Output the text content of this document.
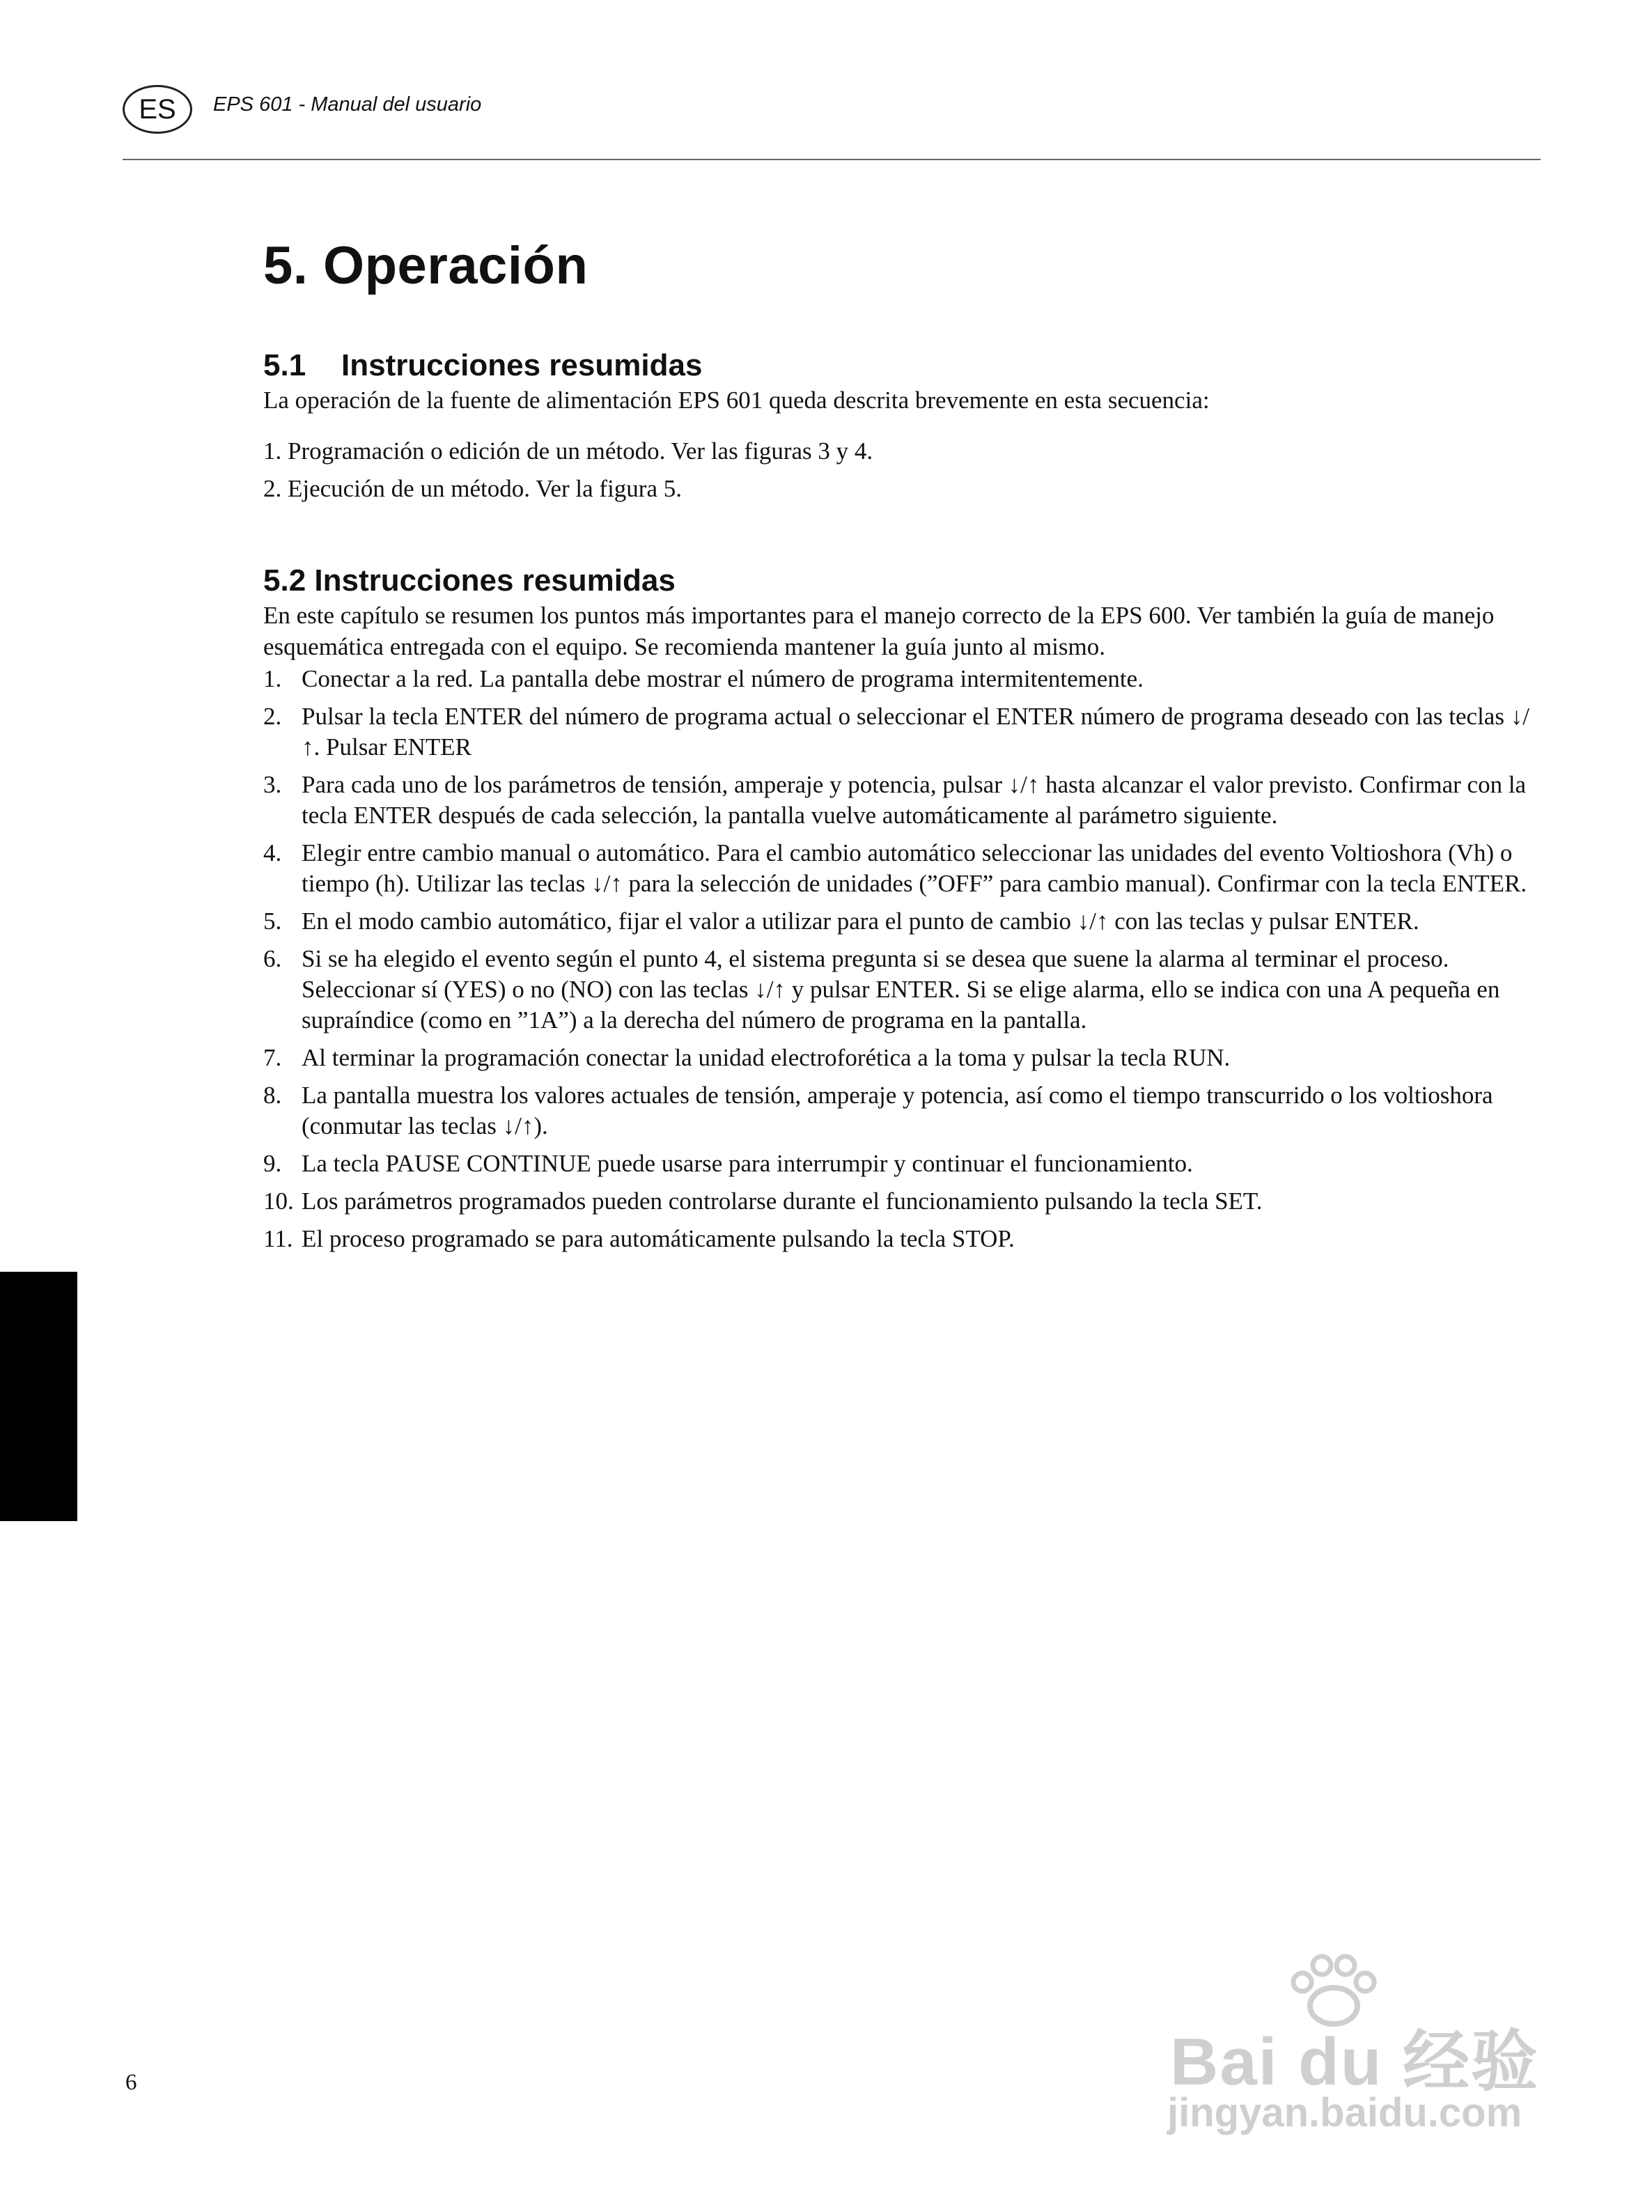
ES	EPS 601 - Manual del usuario
5. Operación
5.1 Instrucciones resumidas

La operación de la fuente de alimentación EPS 601 queda descrita brevemente en esta secuencia:

1. Programación o edición de un método. Ver las figuras 3 y 4.
2. Ejecución de un método. Ver la figura 5.
5.2 Instrucciones resumidas

En este capítulo se resumen los puntos más importantes para el manejo correcto de la EPS 600. Ver también la guía de manejo esquemática entregada con el equipo. Se recomienda mantener la guía junto al mismo.

1. Conectar a la red. La pantalla debe mostrar el número de programa intermitentemente.
2. Pulsar la tecla ENTER del número de programa actual o seleccionar el ENTER número de programa deseado con las teclas ↓/↑. Pulsar ENTER
3. Para cada uno de los parámetros de tensión, amperaje y potencia, pulsar ↓/↑ hasta alcanzar el valor previsto. Confirmar con la tecla ENTER después de cada selección, la pantalla vuelve automáticamente al parámetro siguiente.
4. Elegir entre cambio manual o automático. Para el cambio automático seleccionar las unidades del evento Voltioshora (Vh) o tiempo (h). Utilizar las teclas ↓/↑ para la selección de unidades (”OFF” para cambio manual). Confirmar con la tecla ENTER.
5. En el modo cambio automático, fijar el valor a utilizar para el punto de cambio ↓/↑ con las teclas y pulsar ENTER.
6. Si se ha elegido el evento según el punto 4, el sistema pregunta si se desea que suene la alarma al terminar el proceso. Seleccionar sí (YES) o no (NO) con las teclas ↓/↑ y pulsar ENTER. Si se elige alarma, ello se indica con una A pequeña en supraíndice (como en ”1A”) a la derecha del número de programa en la pantalla.
7. Al terminar la programación conectar la unidad electroforética a la toma y pulsar la tecla RUN.
8. La pantalla muestra los valores actuales de tensión, amperaje y potencia, así como el tiempo transcurrido o los voltioshora (conmutar las teclas ↓/↑).
9. La tecla PAUSE CONTINUE puede usarse para interrumpir y continuar el funcionamiento.
10. Los parámetros programados pueden controlarse durante el funcionamiento pulsando la tecla SET.
11. El proceso programado se para automáticamente pulsando la tecla STOP.
6	Bai du 经验
jingyan.baidu.com
